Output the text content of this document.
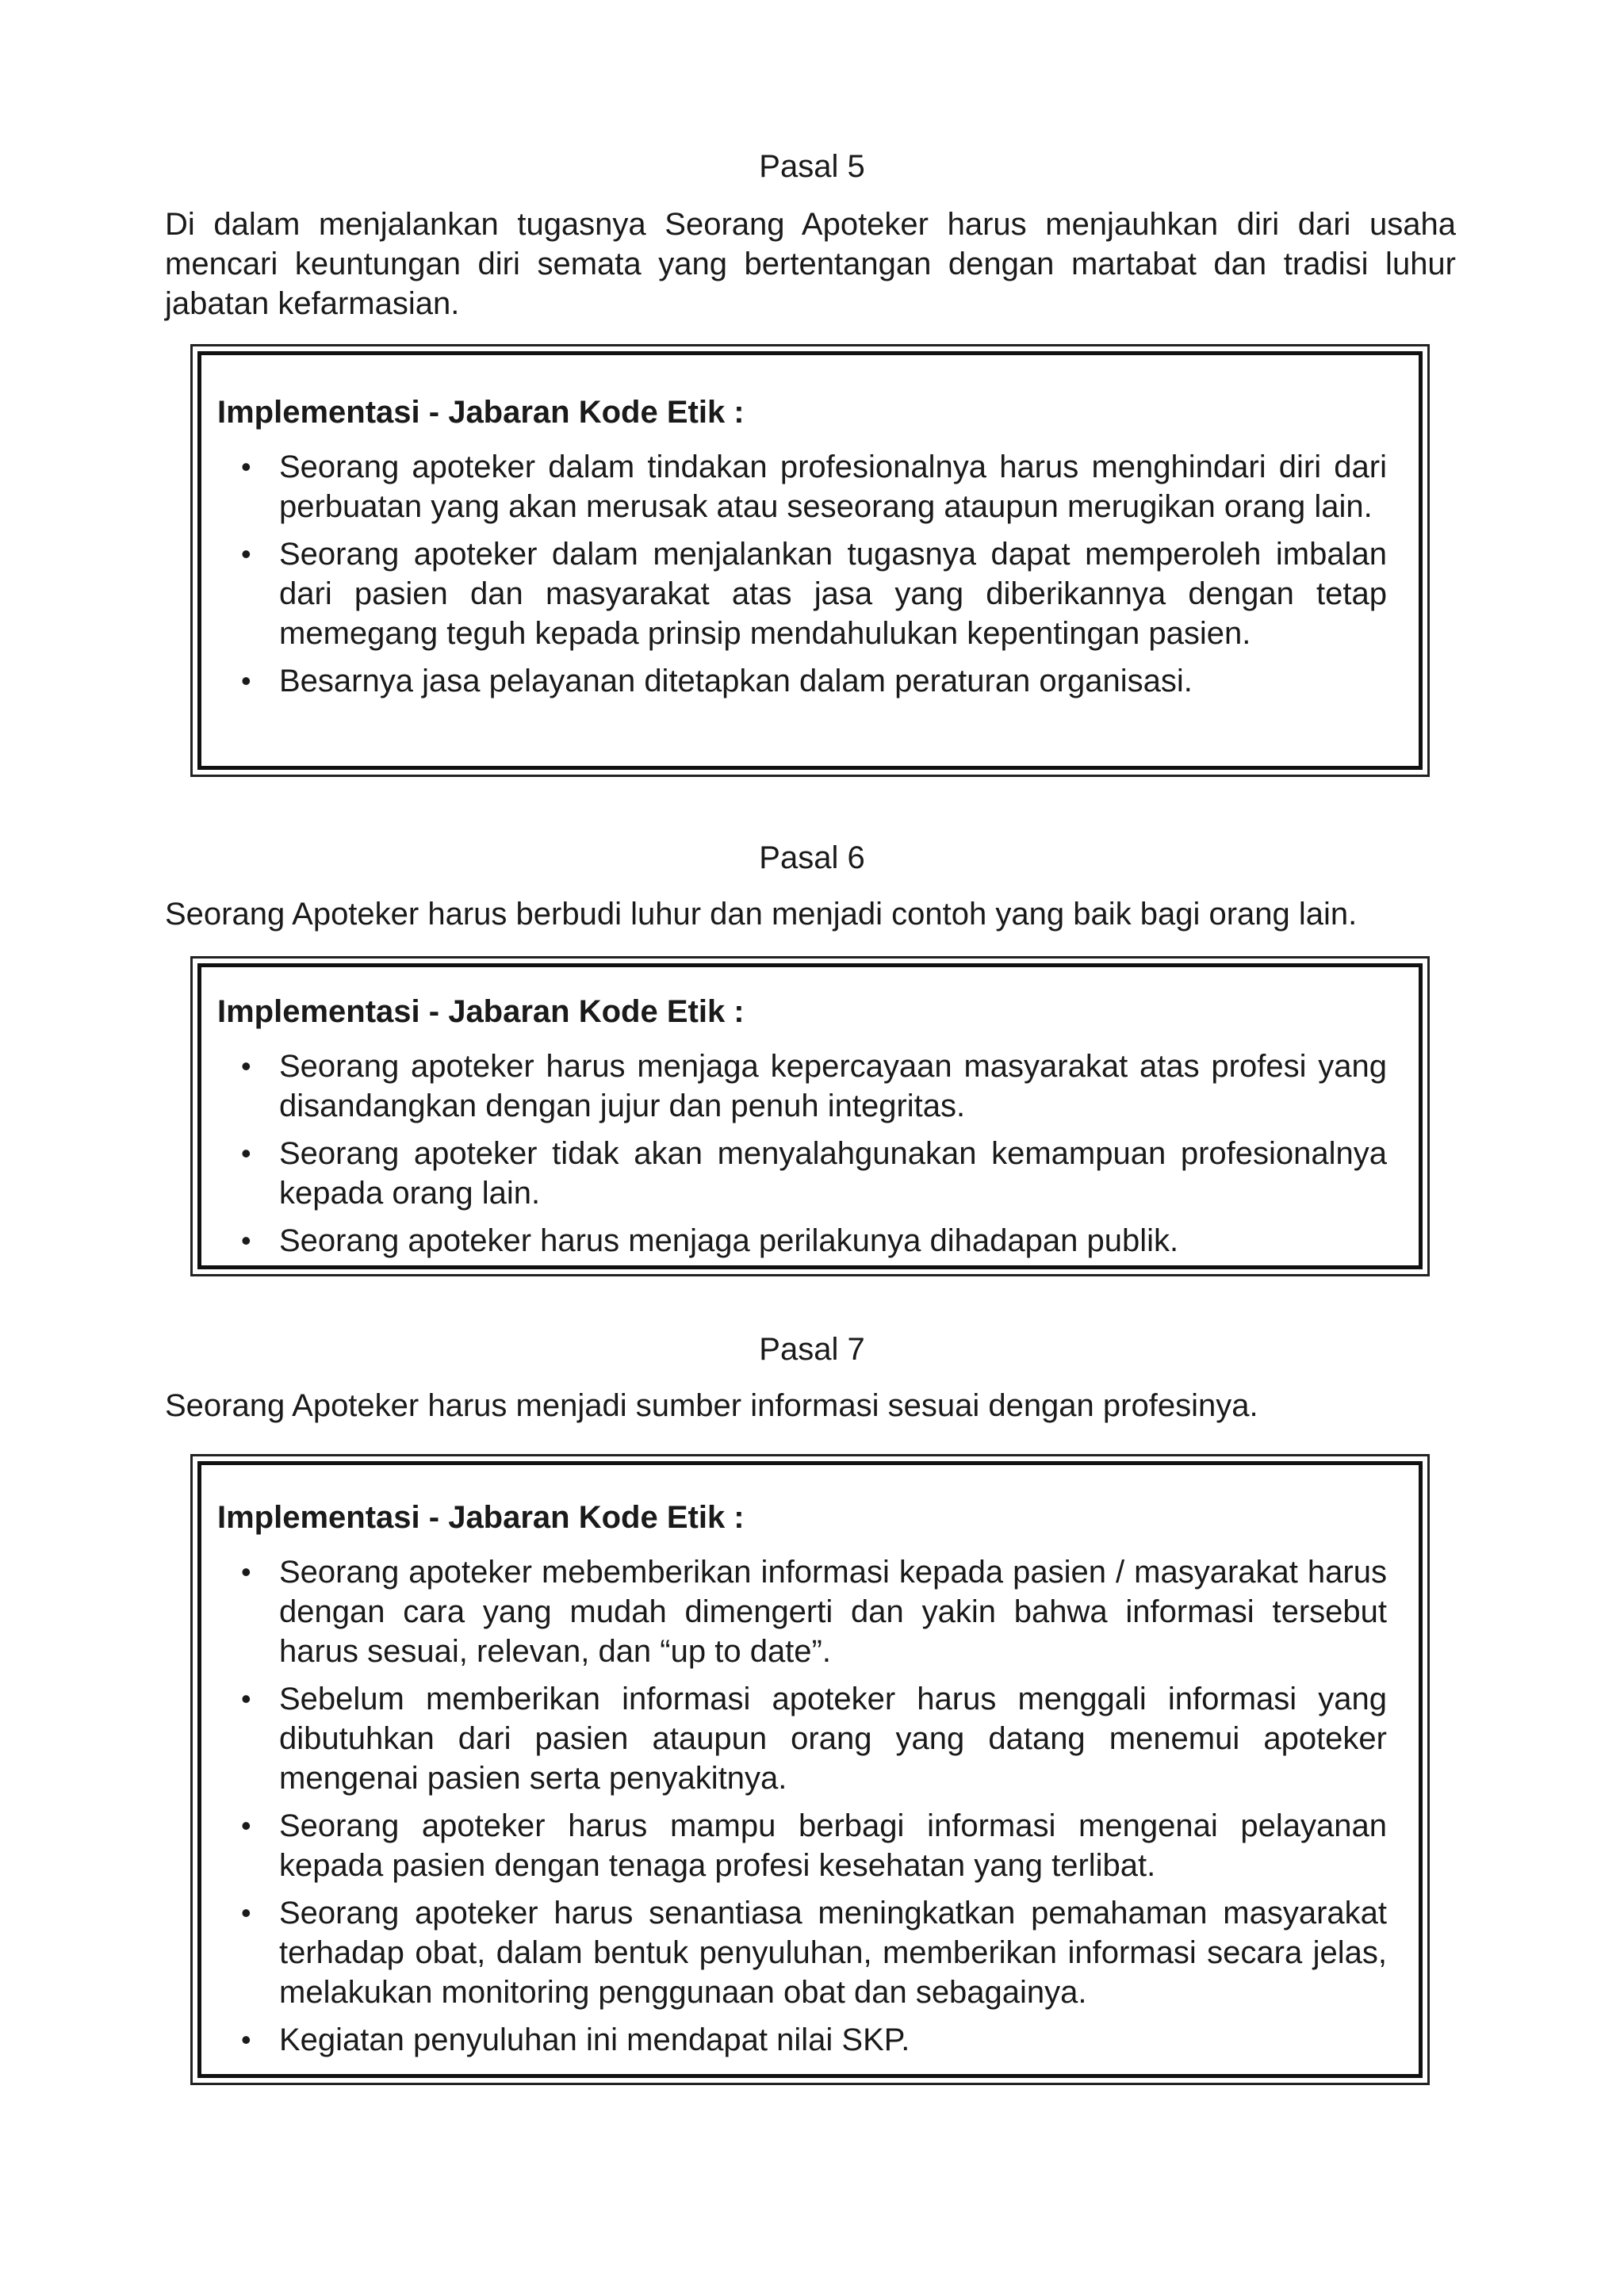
Pasal 5
Di dalam menjalankan tugasnya Seorang Apoteker harus menjauhkan diri dari usaha mencari keuntungan diri semata yang bertentangan dengan martabat dan tradisi luhur jabatan kefarmasian.
Implementasi - Jabaran Kode Etik :
• Seorang apoteker dalam tindakan profesionalnya harus menghindari diri dari perbuatan yang akan merusak atau seseorang ataupun merugikan orang lain.
• Seorang apoteker dalam menjalankan tugasnya dapat memperoleh imbalan dari pasien dan masyarakat atas jasa yang diberikannya dengan tetap memegang teguh kepada prinsip mendahulukan kepentingan pasien.
• Besarnya jasa pelayanan ditetapkan dalam peraturan organisasi.
Pasal 6
Seorang Apoteker harus berbudi luhur dan menjadi contoh yang baik bagi orang lain.
Implementasi - Jabaran Kode Etik :
• Seorang apoteker harus menjaga kepercayaan masyarakat atas profesi yang disandangkan dengan jujur dan penuh integritas.
• Seorang apoteker tidak akan menyalahgunakan kemampuan profesionalnya kepada orang lain.
• Seorang apoteker harus menjaga perilakunya dihadapan publik.
Pasal 7
Seorang Apoteker harus menjadi sumber informasi sesuai dengan profesinya.
Implementasi - Jabaran Kode Etik :
• Seorang apoteker mebemberikan informasi kepada pasien / masyarakat harus dengan cara yang mudah dimengerti dan yakin bahwa informasi tersebut harus sesuai, relevan, dan “up to date”.
• Sebelum memberikan informasi apoteker harus menggali informasi yang dibutuhkan dari pasien ataupun orang yang datang menemui apoteker mengenai pasien serta penyakitnya.
• Seorang apoteker harus mampu berbagi informasi mengenai pelayanan kepada pasien dengan tenaga profesi kesehatan yang terlibat.
• Seorang apoteker harus senantiasa meningkatkan pemahaman masyarakat terhadap obat, dalam bentuk penyuluhan, memberikan informasi secara jelas, melakukan monitoring penggunaan obat dan sebagainya.
• Kegiatan penyuluhan ini mendapat nilai SKP.
